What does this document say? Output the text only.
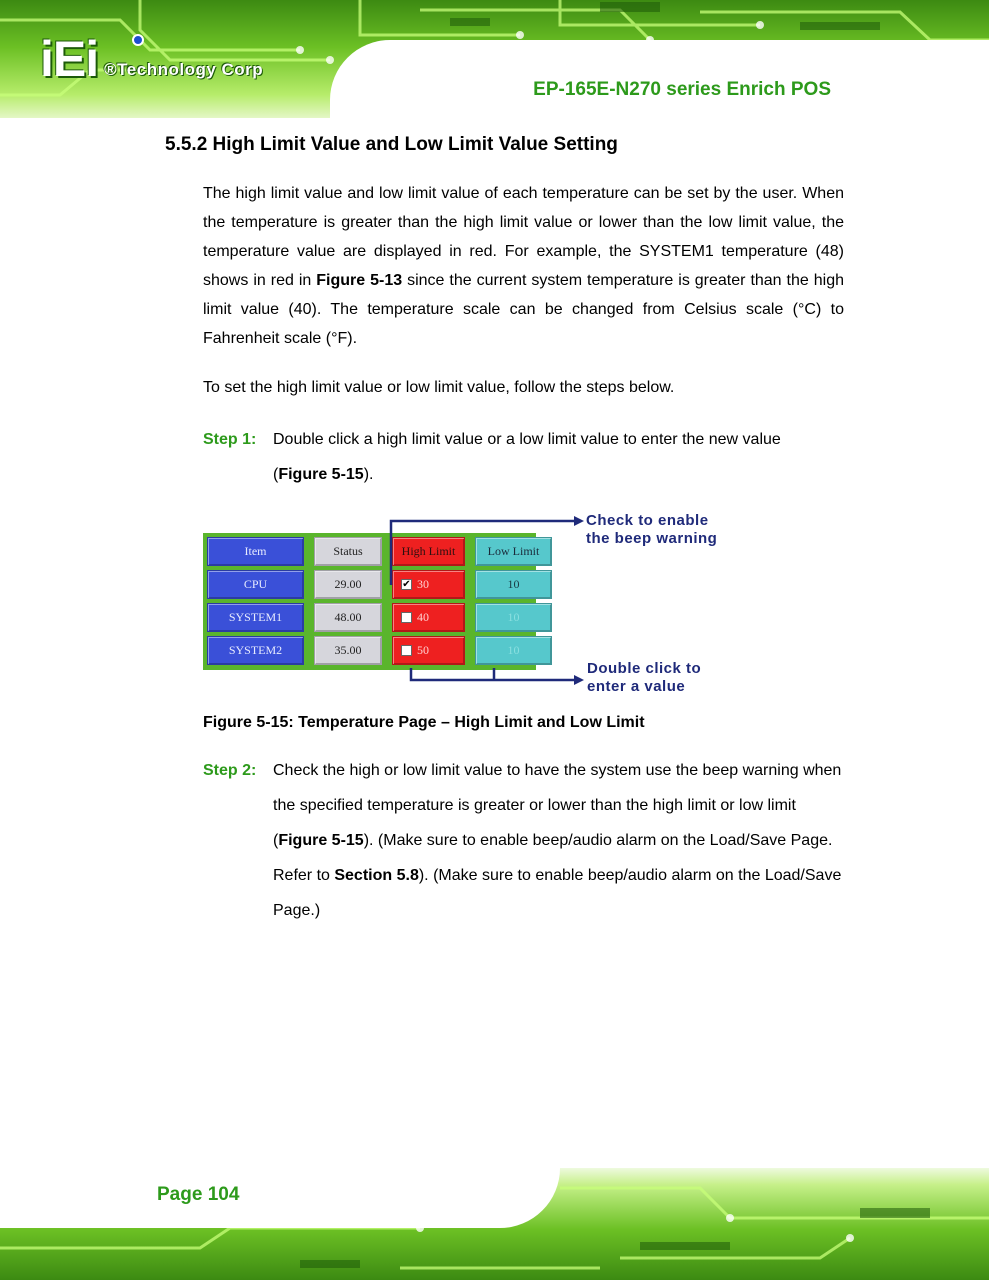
iEi ®Technology Corp
EP-165E-N270 series Enrich POS
5.5.2 High Limit Value and Low Limit Value Setting

The high limit value and low limit value of each temperature can be set by the user. When the temperature is greater than the high limit value or lower than the low limit value, the temperature value are displayed in red. For example, the SYSTEM1 temperature (48) shows in red in Figure 5-13 since the current system temperature is greater than the high limit value (40). The temperature scale can be changed from Celsius scale (°C) to Fahrenheit scale (°F).

To set the high limit value or low limit value, follow the steps below.

Step 1:	Double click a high limit value or a low limit value to enter the new value
(Figure 5-15).
Item	Status	High Limit	Low Limit
CPU	29.00	✔ 30	10
SYSTEM1	48.00	40	10
SYSTEM2	35.00	50	10
Check to enable
the beep warning
Double click to
enter a value
Figure 5-15: Temperature Page – High Limit and Low Limit
Step 2:	Check the high or low limit value to have the system use the beep warning when
the specified temperature is greater or lower than the high limit or low limit
(Figure 5-15). (Make sure to enable beep/audio alarm on the Load/Save Page.
Refer to Section 5.8). (Make sure to enable beep/audio alarm on the Load/Save
Page.)
Page 104
